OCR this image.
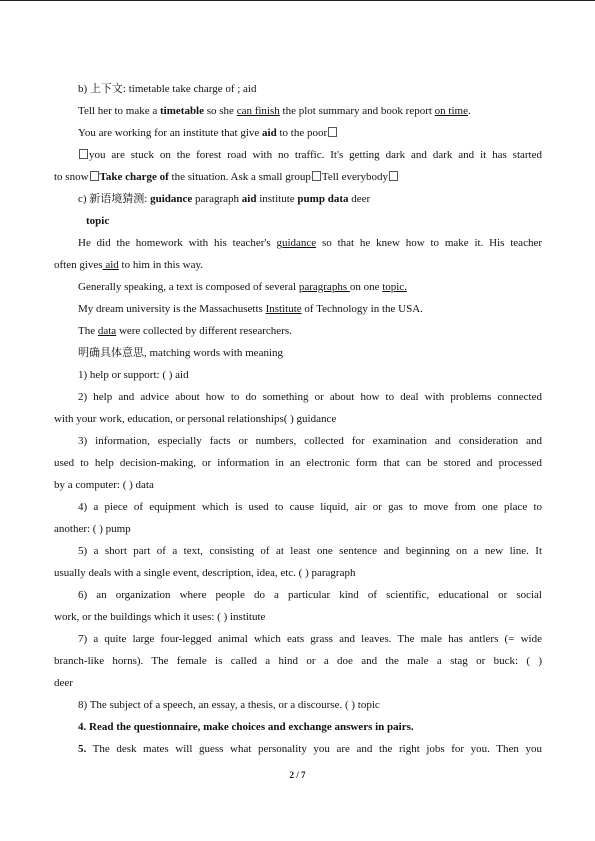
b) 上下文: timetable take charge of ; aid
Tell her to make a timetable so she can finish the plot summary and book report on time.
You are working for an institute that give aid to the poor
you are stuck on the forest road with no traffic. It's getting dark and dark and it has started
to snow Take charge of the situation. Ask a small group Tell everybody
c) 新语境猜测: guidance paragraph aid institute pump data deer
topic
He did the homework with his teacher's guidance so that he knew how to make it. His teacher
often gives aid to him in this way.
Generally speaking, a text is composed of several paragraphs on one topic.
My dream university is the Massachusetts Institute of Technology in the USA.
The data were collected by different researchers.
明确具体意思, matching words with meaning
1) help or support: ( ) aid
2) help and advice about how to do something or about how to deal with problems connected
with your work, education, or personal relationships( ) guidance
3) information, especially facts or numbers, collected for examination and consideration and
used to help decision-making, or information in an electronic form that can be stored and processed
by a computer: ( ) data
4) a piece of equipment which is used to cause liquid, air or gas to move from one place to
another: ( ) pump
5) a short part of a text, consisting of at least one sentence and beginning on a new line. It
usually deals with a single event, description, idea, etc. ( ) paragraph
6) an organization where people do a particular kind of scientific, educational or social
work, or the buildings which it uses: ( ) institute
7) a quite large four-legged animal which eats grass and leaves. The male has antlers (= wide
branch-like horns). The female is called a hind or a doe and the male a stag or buck: ( )
deer
8) The subject of a speech, an essay, a thesis, or a discourse. ( ) topic
4. Read the questionnaire, make choices and exchange answers in pairs.
5. The desk mates will guess what personality you are and the right jobs for you. Then you
2 / 7
